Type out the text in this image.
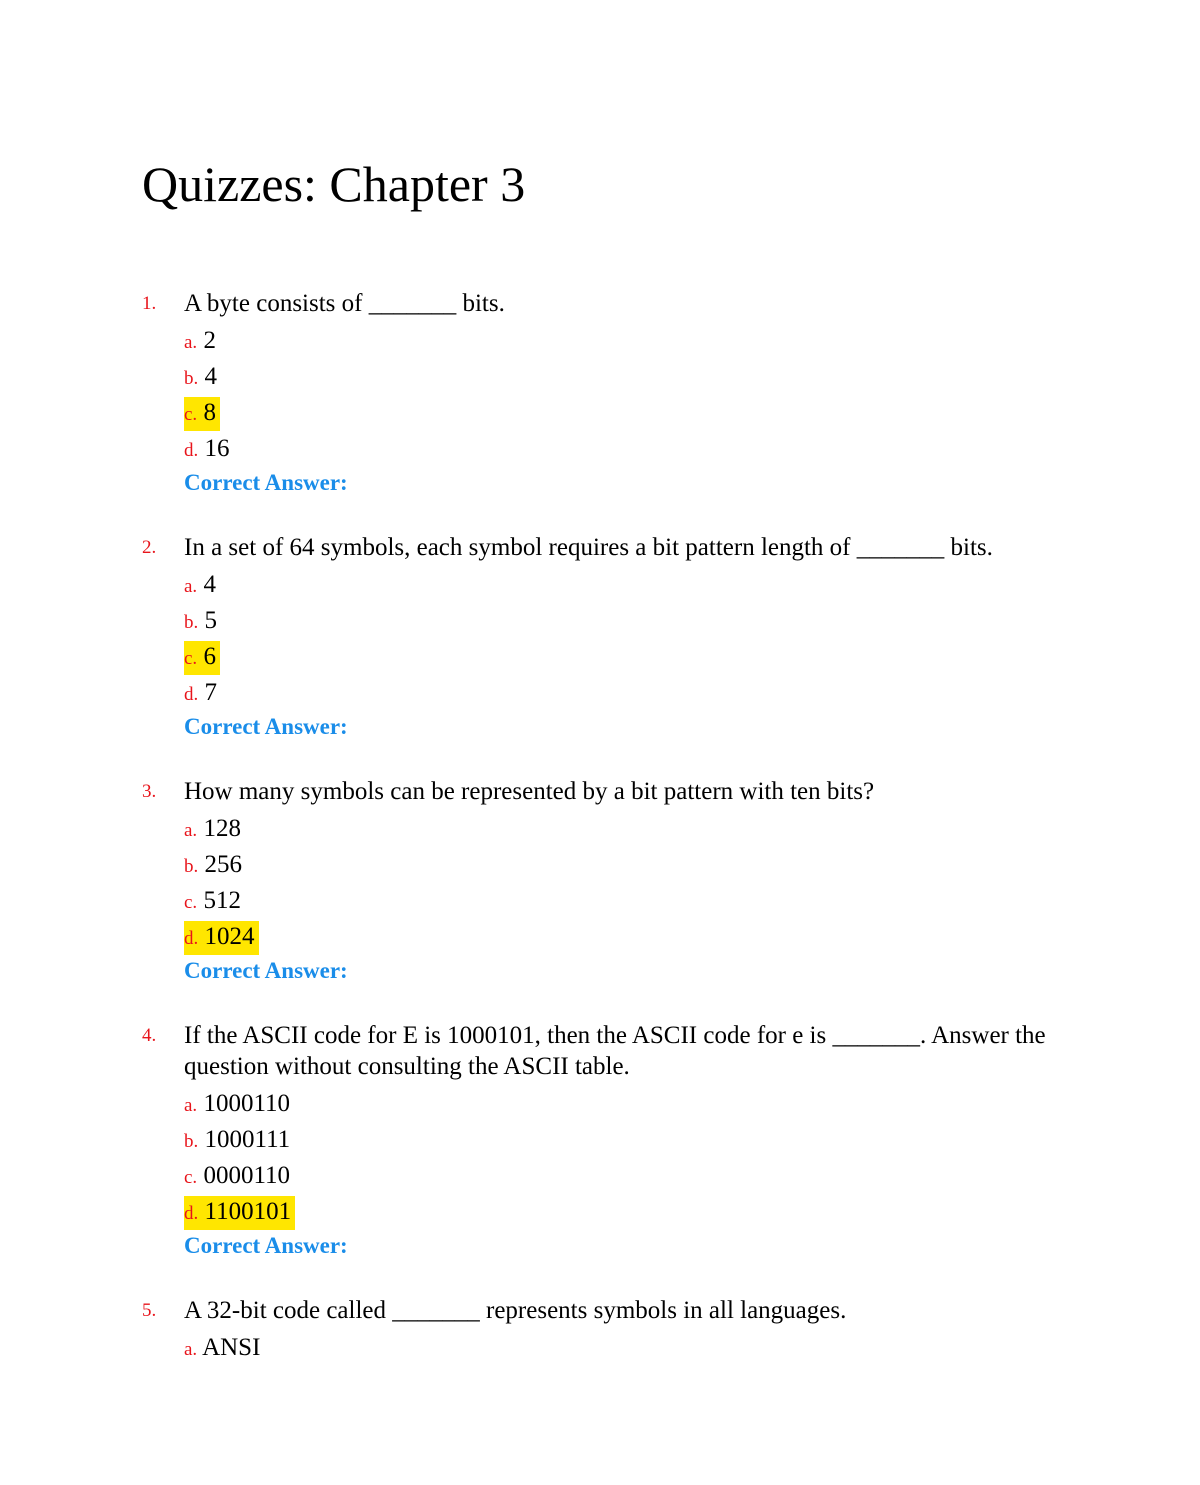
Quizzes: Chapter 3
1. A byte consists of _______ bits.
a. 2
b. 4
c. 8
d. 16
Correct Answer:
2. In a set of 64 symbols, each symbol requires a bit pattern length of _______ bits.
a. 4
b. 5
c. 6
d. 7
Correct Answer:
3. How many symbols can be represented by a bit pattern with ten bits?
a. 128
b. 256
c. 512
d. 1024
Correct Answer:
4. If the ASCII code for E is 1000101, then the ASCII code for e is _______. Answer the question without consulting the ASCII table.
a. 1000110
b. 1000111
c. 0000110
d. 1100101
Correct Answer:
5. A 32-bit code called _______ represents symbols in all languages.
a. ANSI
